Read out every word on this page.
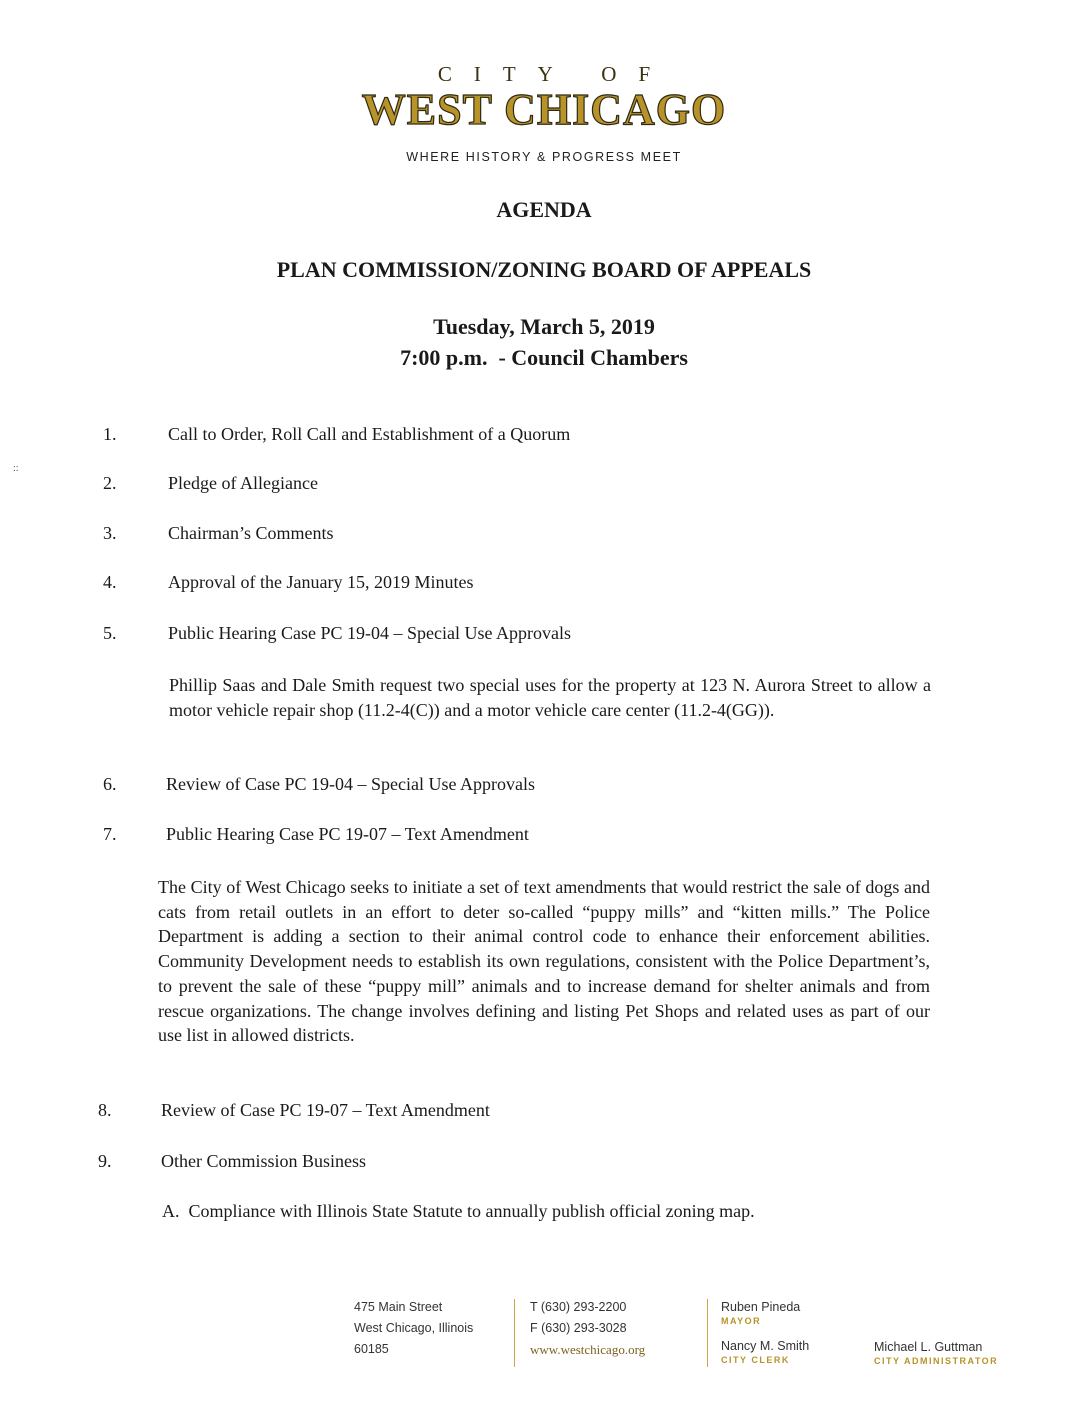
CITY OF
WEST CHICAGO
WHERE HISTORY & PROGRESS MEET
AGENDA
PLAN COMMISSION/ZONING BOARD OF APPEALS
Tuesday, March 5, 2019
7:00 p.m.  - Council Chambers
::
1.	Call to Order, Roll Call and Establishment of a Quorum
2.	Pledge of Allegiance
3.	Chairman’s Comments
4.	Approval of the January 15, 2019 Minutes
5.	Public Hearing Case PC 19-04 – Special Use Approvals
Phillip Saas and Dale Smith request two special uses for the property at 123 N. Aurora Street to allow a motor vehicle repair shop (11.2-4(C)) and a motor vehicle care center (11.2-4(GG)).
6.	Review of Case PC 19-04 – Special Use Approvals
7.	Public Hearing Case PC 19-07 – Text Amendment
The City of West Chicago seeks to initiate a set of text amendments that would restrict the sale of dogs and cats from retail outlets in an effort to deter so-called “puppy mills” and “kitten mills.” The Police Department is adding a section to their animal control code to enhance their enforcement abilities. Community Development needs to establish its own regulations, consistent with the Police Department’s, to prevent the sale of these “puppy mill” animals and to increase demand for shelter animals and from rescue organizations. The change involves defining and listing Pet Shops and related uses as part of our use list in allowed districts.
8.	Review of Case PC 19-07 – Text Amendment
9.	Other Commission Business
A.  Compliance with Illinois State Statute to annually publish official zoning map.
475 Main Street
West Chicago, Illinois
60185
T (630) 293-2200
F (630) 293-3028
www.westchicago.org
Ruben Pineda
MAYOR
Nancy M. Smith
CITY CLERK
Michael L. Guttman
CITY ADMINISTRATOR
